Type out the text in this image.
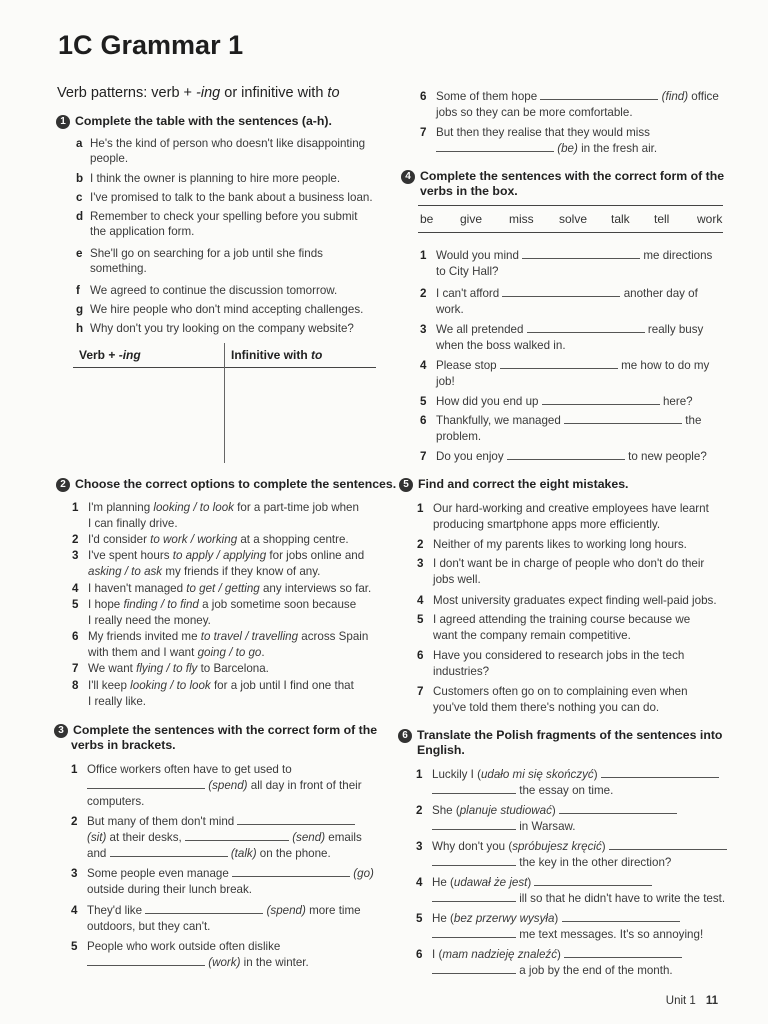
1C Grammar 1
Verb patterns: verb + -ing or infinitive with to
1 Complete the table with the sentences (a-h).
a He's the kind of person who doesn't like disappointing
people.
b I think the owner is planning to hire more people.
c I've promised to talk to the bank about a business loan.
d Remember to check your spelling before you submit
the application form.
e She'll go on searching for a job until she finds
something.
f We agreed to continue the discussion tomorrow.
g We hire people who don't mind accepting challenges.
h Why don't you try looking on the company website?
Verb + -ing	Infinitive with to
2 Choose the correct options to complete the sentences.
1 I'm planning looking / to look for a part-time job when
I can finally drive.
2 I'd consider to work / working at a shopping centre.
3 I've spent hours to apply / applying for jobs online and
asking / to ask my friends if they know of any.
4 I haven't managed to get / getting any interviews so far.
5 I hope finding / to find a job sometime soon because
I really need the money.
6 My friends invited me to travel / travelling across Spain
with them and I want going / to go.
7 We want flying / to fly to Barcelona.
8 I'll keep looking / to look for a job until I find one that
I really like.
3 Complete the sentences with the correct form of the
verbs in brackets.
1 Office workers often have to get used to
(spend) all day in front of their
computers.
2 But many of them don't mind
(sit) at their desks,	(send) emails
and	(talk) on the phone.
3 Some people even manage	(go)
outside during their lunch break.
4 They'd like	(spend) more time
outdoors, but they can't.
5 People who work outside often dislike
(work) in the winter.
6 Some of them hope	(find) office
jobs so they can be more comfortable.
7 But then they realise that they would miss
(be) in the fresh air.
4 Complete the sentences with the correct form of the
verbs in the box.
be give miss solve talk tell work
1 Would you mind	me directions
to City Hall?
2 I can't afford	another day of
work.
3 We all pretended	really busy
when the boss walked in.
4 Please stop	me how to do my
job!
5 How did you end up	here?
6 Thankfully, we managed	the
problem.
7 Do you enjoy	to new people?
5 Find and correct the eight mistakes.
1 Our hard-working and creative employees have learnt
producing smartphone apps more efficiently.
2 Neither of my parents likes to working long hours.
3 I don't want be in charge of people who don't do their
jobs well.
4 Most university graduates expect finding well-paid jobs.
5 I agreed attending the training course because we
want the company remain competitive.
6 Have you considered to research jobs in the tech
industries?
7 Customers often go on to complaining even when
you've told them there's nothing you can do.
6 Translate the Polish fragments of the sentences into
English.
1 Luckily I (udało mi się skończyć)
the essay on time.
2 She (planuje studiować)
in Warsaw.
3 Why don't you (spróbujesz kręcić)
the key in the other direction?
4 He (udawał że jest)
ill so that he didn't have to write the test.
5 He (bez przerwy wysyła)
me text messages. It's so annoying!
6 I (mam nadzieję znaleźć)
a job by the end of the month.
Unit 1 11
